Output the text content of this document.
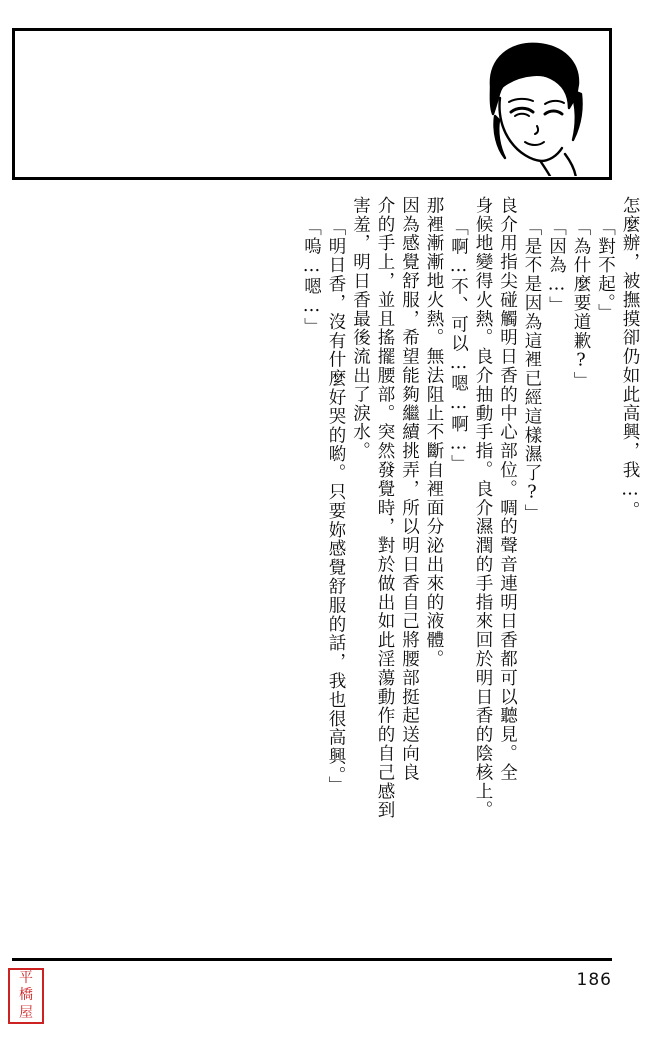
怎麼辦，被撫摸卻仍如此高興，我…。
「對不起。」
「為什麼要道歉?」
「因為…」
「是不是因為這裡已經這樣濕了?」
良介用指尖碰觸明日香的中心部位。啁的聲音連明日香都可以聽見。全
身候地變得火熱。良介抽動手指。良介濕潤的手指來回於明日香的陰核上。
「啊…不、可以…嗯…啊…」
那裡漸漸地火熱。無法阻止不斷自裡面分泌出來的液體。
因為感覺舒服，希望能夠繼續挑弄，所以明日香自己將腰部挺起送向良
介的手上，並且搖擺腰部。突然發覺時，對於做出如此淫蕩動作的自己感到
害羞，明日香最後流出了淚水。
「明日香，沒有什麼好哭的喲。只要妳感覺舒服的話，我也很高興。」
「嗚…嗯…」
186
平
橋
屋
